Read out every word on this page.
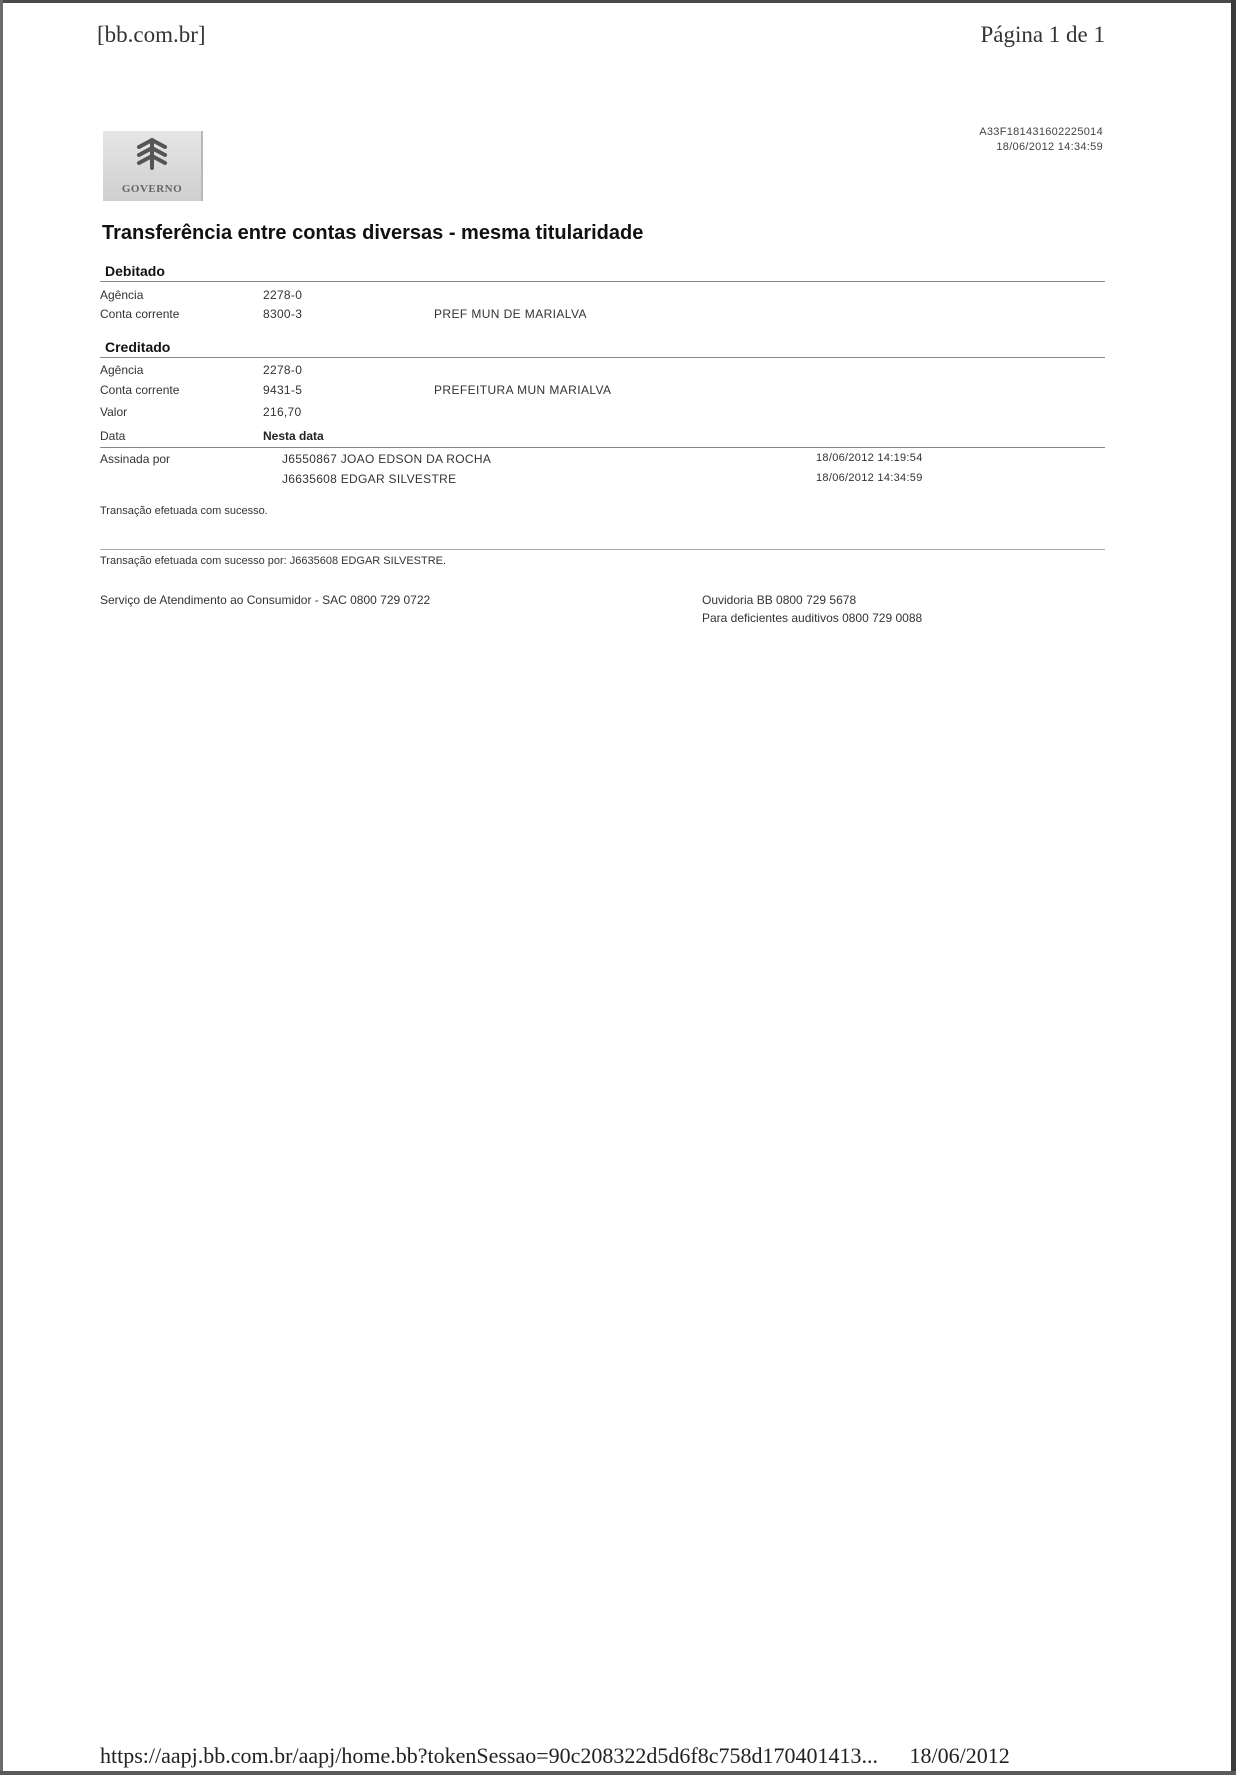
[bb.com.br]	Página 1 de 1
GOVERNO
A33F181431602225014
18/06/2012 14:34:59
Transferência entre contas diversas - mesma titularidade
Debitado
Agência	2278-0
Conta corrente	8300-3	PREF MUN DE MARIALVA
Creditado
Agência	2278-0
Conta corrente	9431-5	PREFEITURA MUN MARIALVA
Valor	216,70
Data	Nesta data
Assinada por	J6550867 JOAO EDSON DA ROCHA	18/06/2012 14:19:54
J6635608 EDGAR SILVESTRE	18/06/2012 14:34:59
Transação efetuada com sucesso.
Transação efetuada com sucesso por: J6635608 EDGAR SILVESTRE.
Serviço de Atendimento ao Consumidor - SAC 0800 729 0722	Ouvidoria BB 0800 729 5678
Para deficientes auditivos 0800 729 0088
https://aapj.bb.com.br/aapj/home.bb?tokenSessao=90c208322d5d6f8c758d170401413... 18/06/2012
